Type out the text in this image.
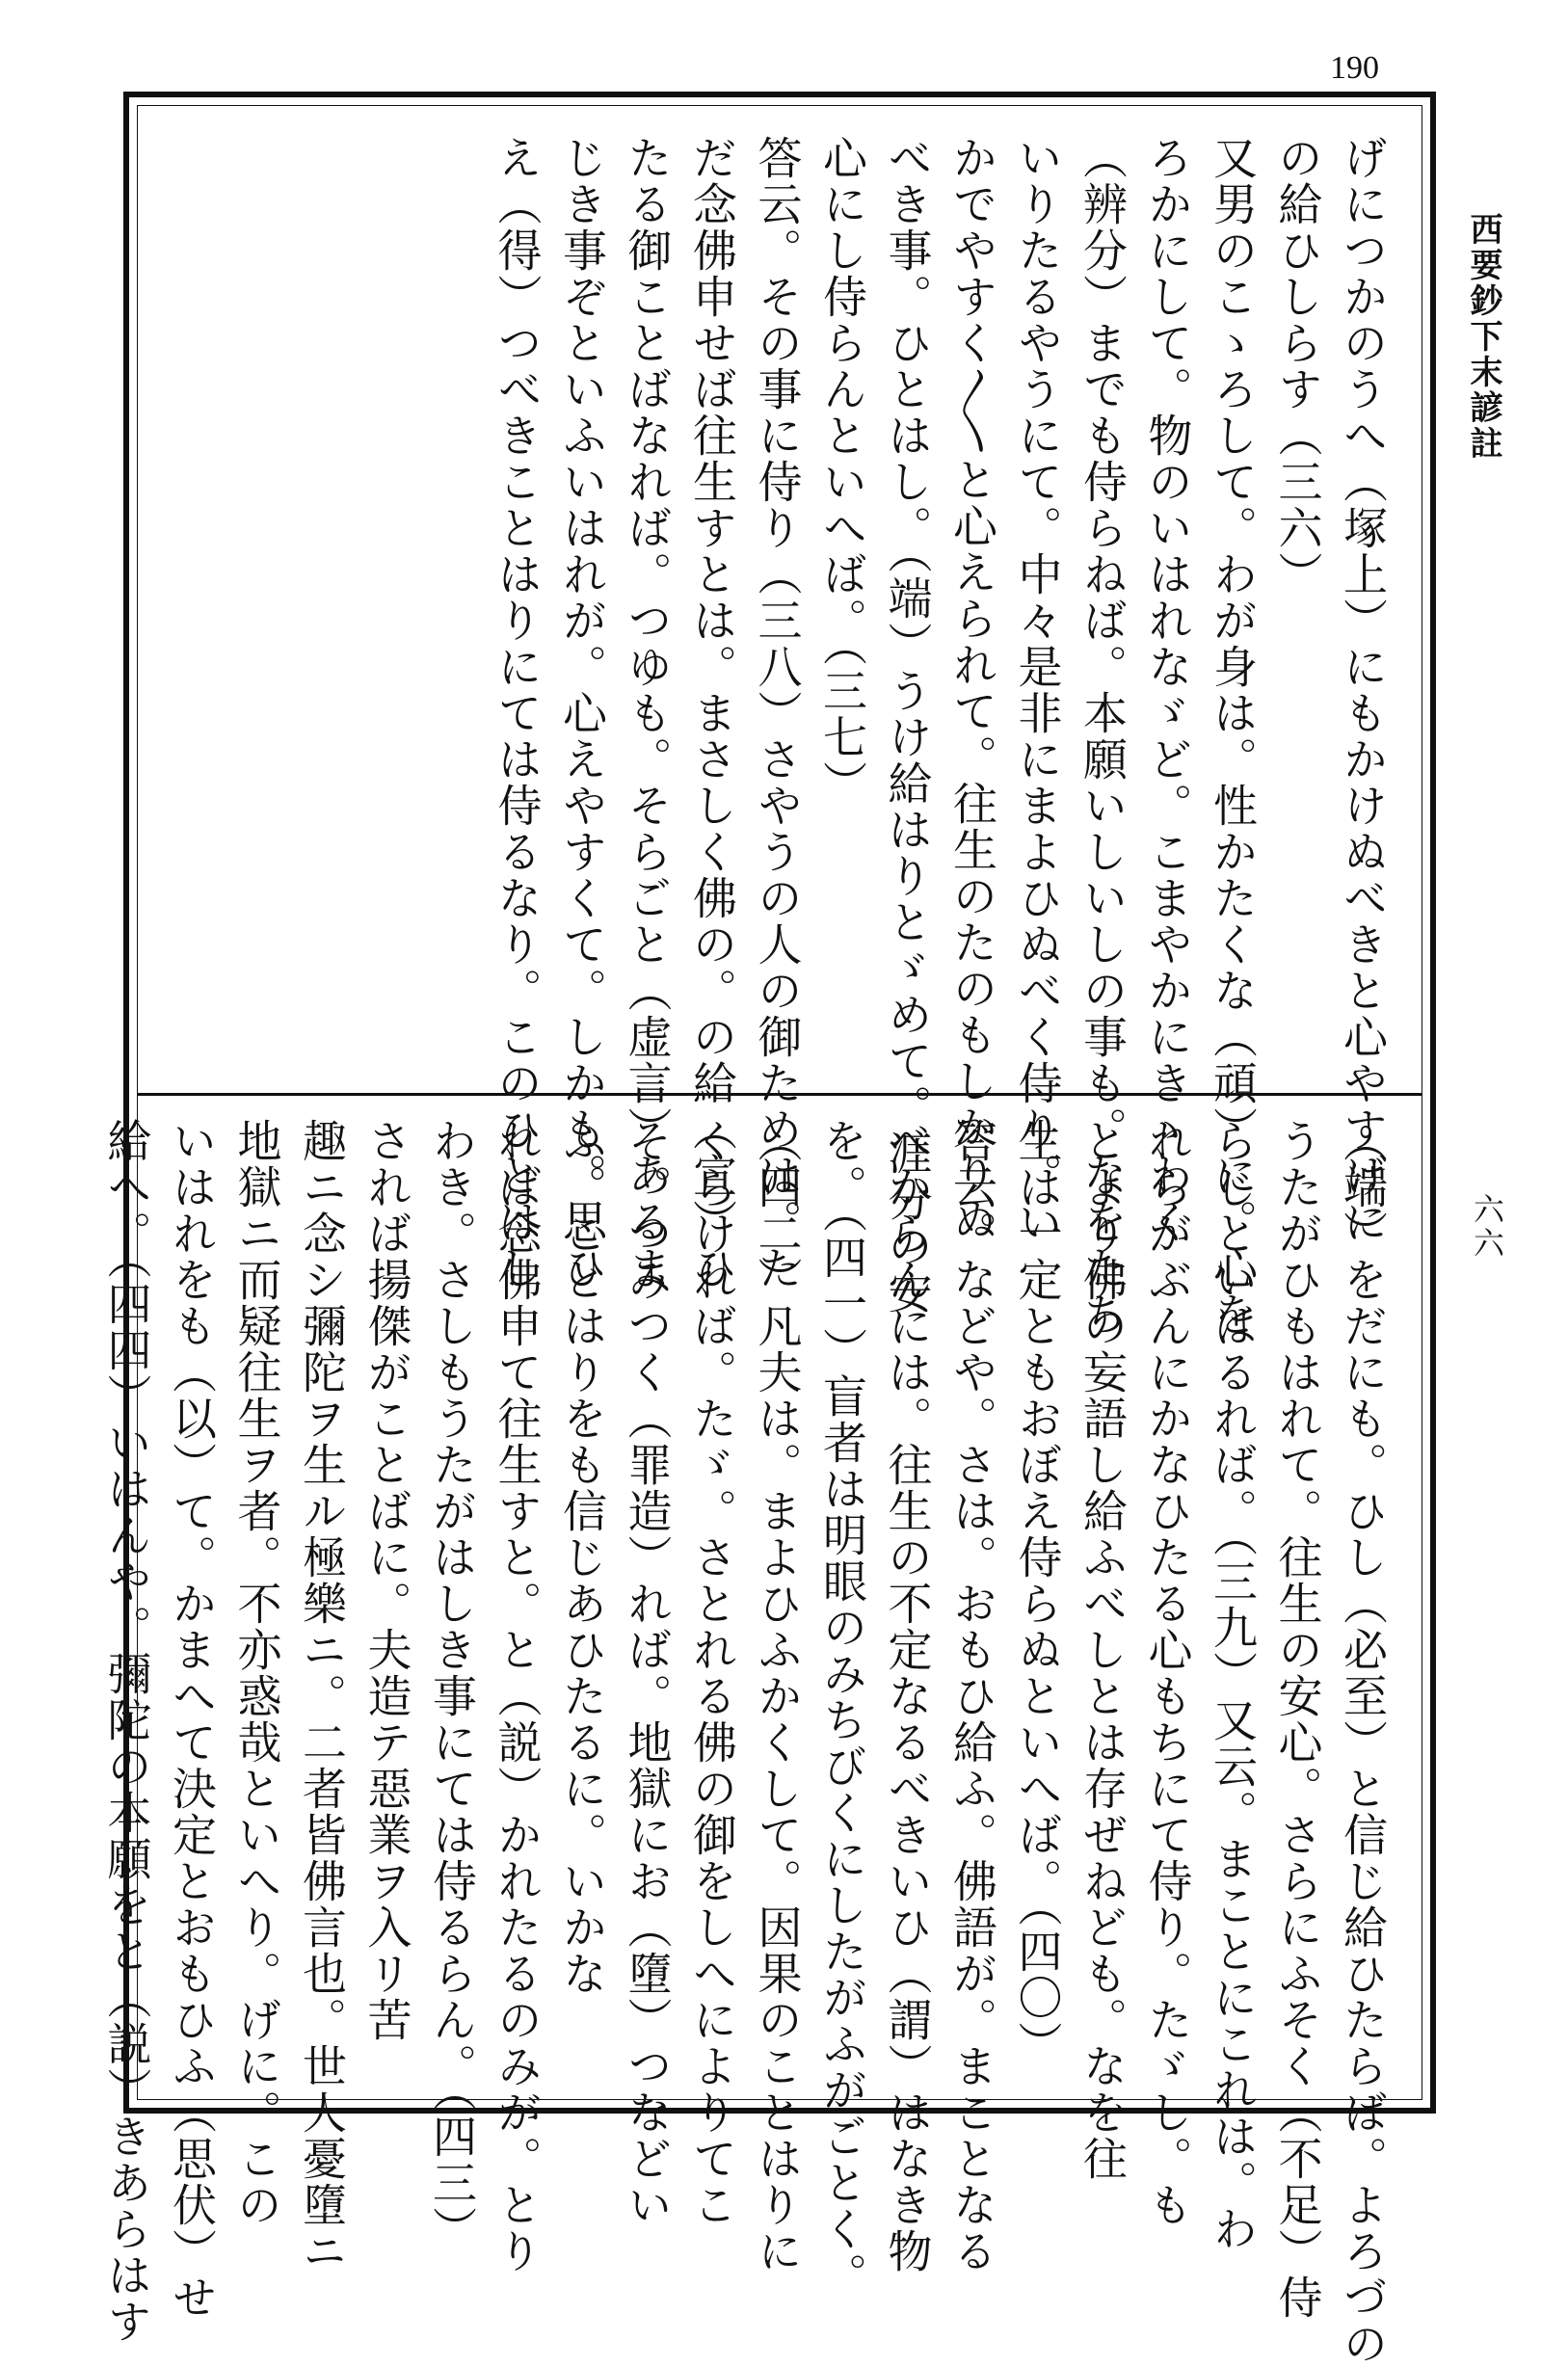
190
西要鈔下末諺註
六六
げにつかのうへ（塚上）にもかけぬべきと心やすげに
の給ひしらす（三六）
又男のこゝろして。わが身は。性かたくな（頑）に。心を
ろかにして。物のいはれなゞど。こまやかにきゝわく
（辨分）までも侍らねば。本願いしいしの事も。なをたち
いりたるやうにて。中々是非にまよひぬべく侍り。い
かでやすく〳〵と心えられて。往生のたのもしかりぬ
べき事。ひとはし。（端）うけ給はりとゞめて。涯分の安
心にし侍らんといへば。（三七）
答云。その事に侍り（三八）さやうの人の御ためは。た
だ念佛申せば往生すとは。まさしく佛の。の給（宣）ひ
たる御ことばなれば。つゆも。そらごと（虚言）あるま
じき事ぞといふいはれが。心えやすくて。しかも。思ひ
え（得）つべきことはりにては侍るなり。このひとはし
（端）をだにも。ひし（必至）と信じ給ひたらば。よろづの
うたがひもはれて。往生の安心。さらにふそく（不足）侍
らじといはるれば。（三九）又云。まことにこれは。わ
れらがぶんにかなひたる心もちにて侍り。たゞし。も
とより佛の妄語し給ふべしとは存ぜねども。なを往
生は一定ともおぼえ侍らぬといへば。（四〇）
答云。などや。さは。おもひ給ふ。佛語が。まことなる
べからんには。往生の不定なるべきいひ（謂）はなき物
を。（四一）盲者は明眼のみちびくにしたがふがごとく。
（四二）凡夫は。まよひふかくして。因果のことはりに
くらければ。たゞ。さとれる佛の御をしへによりてこ
そ。つみつく（罪造）れば。地獄にお（墮）つなどい
ふ。ことはりをも信じあひたるに。いかな
れば念佛申て往生すと。と（説）かれたるのみが。とり
わき。さしもうたがはしき事にては侍るらん。（四三）
されば揚傑がことばに。夫造テ惡業ヲ入リ苦
趣ニ念シ彌陀ヲ生ル極樂ニ。二者皆佛言也。世人憂墮ニ
地獄ニ而疑往生ヲ者。不亦惑哉といへり。げに。この
いはれをも（以）て。かまへて決定とおもひふ（思伏）せ
給へ。（四四）いはんや。彌陀の本願をと（説）きあらはす
